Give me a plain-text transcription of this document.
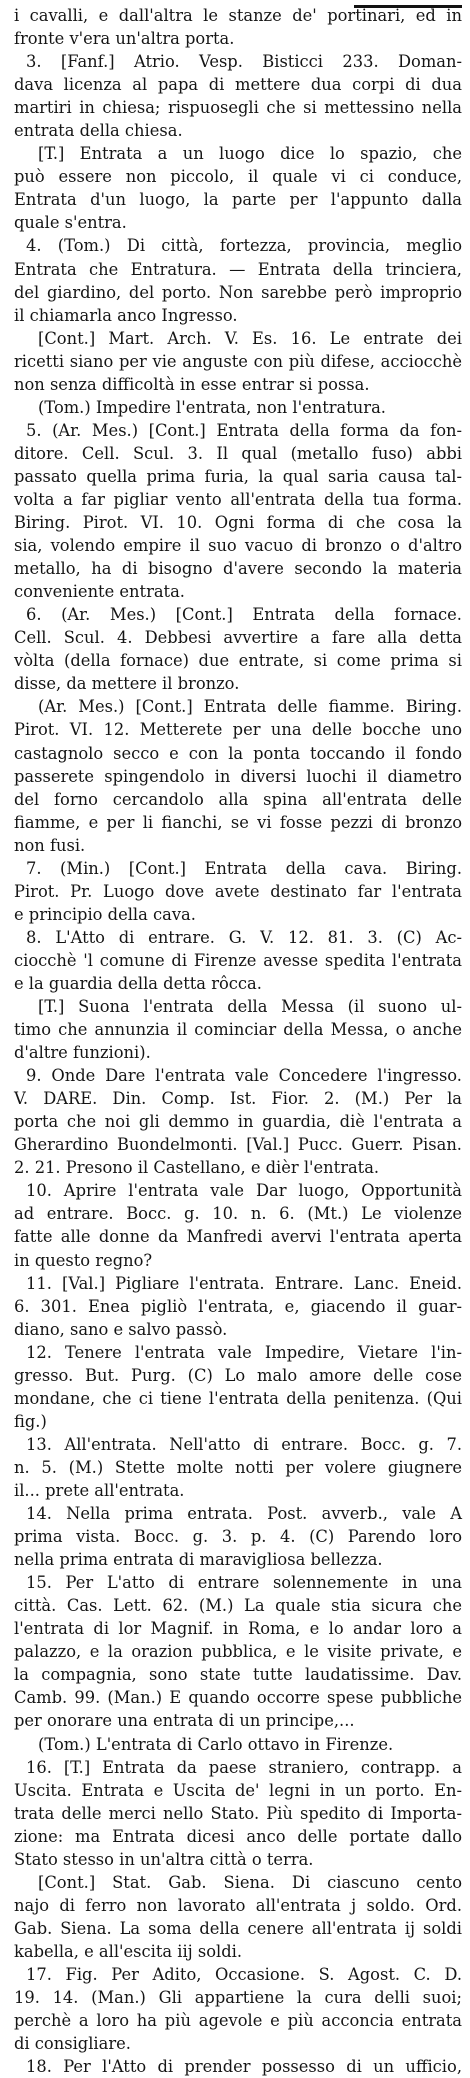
i cavalli, e dall'altra le stanze de' portinari, ed in

fronte v'era un'altra porta.

3. [Fanf.] Atrio. Vesp. Bisticci 233. Doman-

dava licenza al papa di mettere dua corpi di dua

martiri in chiesa; rispuosegli che si mettessino nella

entrata della chiesa.

[T.] Entrata a un luogo dice lo spazio, che

può essere non piccolo, il quale vi ci conduce,

Entrata d'un luogo, la parte per l'appunto dalla

quale s'entra.

4. (Tom.) Di città, fortezza, provincia, meglio

Entrata che Entratura. — Entrata della trinciera,

del giardino, del porto. Non sarebbe però improprio

il chiamarla anco Ingresso.

[Cont.] Mart. Arch. V. Es. 16. Le entrate dei

ricetti siano per vie anguste con più difese, acciocchè

non senza difficoltà in esse entrar si possa.

(Tom.) Impedire l'entrata, non l'entratura.

5. (Ar. Mes.) [Cont.] Entrata della forma da fon-

ditore. Cell. Scul. 3. Il qual (metallo fuso) abbi

passato quella prima furia, la qual saria causa tal-

volta a far pigliar vento all'entrata della tua forma.

Biring. Pirot. VI. 10. Ogni forma di che cosa la

sia, volendo empire il suo vacuo di bronzo o d'altro

metallo, ha di bisogno d'avere secondo la materia

conveniente entrata.

6. (Ar. Mes.) [Cont.] Entrata della fornace.

Cell. Scul. 4. Debbesi avvertire a fare alla detta

vòlta (della fornace) due entrate, si come prima si

disse, da mettere il bronzo.

(Ar. Mes.) [Cont.] Entrata delle fiamme. Biring.

Pirot. VI. 12. Metterete per una delle bocche uno

castagnolo secco e con la ponta toccando il fondo

passerete spingendolo in diversi luochi il diametro

del forno cercandolo alla spina all'entrata delle

fiamme, e per li fianchi, se vi fosse pezzi di bronzo

non fusi.

7. (Min.) [Cont.] Entrata della cava. Biring.

Pirot. Pr. Luogo dove avete destinato far l'entrata

e principio della cava.

8. L'Atto di entrare. G. V. 12. 81. 3. (C) Ac-

ciocchè 'l comune di Firenze avesse spedita l'entrata

e la guardia della detta rôcca.

[T.] Suona l'entrata della Messa (il suono ul-

timo che annunzia il cominciar della Messa, o anche

d'altre funzioni).

9. Onde Dare l'entrata vale Concedere l'ingresso.

V. DARE. Din. Comp. Ist. Fior. 2. (M.) Per la

porta che noi gli demmo in guardia, diè l'entrata a

Gherardino Buondelmonti. [Val.] Pucc. Guerr. Pisan.

2. 21. Presono il Castellano, e dièr l'entrata.

10. Aprire l'entrata vale Dar luogo, Opportunità

ad entrare. Bocc. g. 10. n. 6. (Mt.) Le violenze

fatte alle donne da Manfredi avervi l'entrata aperta

in questo regno?

11. [Val.] Pigliare l'entrata. Entrare. Lanc. Eneid.

6. 301. Enea pigliò l'entrata, e, giacendo il guar-

diano, sano e salvo passò.

12. Tenere l'entrata vale Impedire, Vietare l'in-

gresso. But. Purg. (C) Lo malo amore delle cose

mondane, che ci tiene l'entrata della penitenza. (Qui

fig.)

13. All'entrata. Nell'atto di entrare. Bocc. g. 7.

n. 5. (M.) Stette molte notti per volere giugnere

il... prete all'entrata.

14. Nella prima entrata. Post. avverb., vale A

prima vista. Bocc. g. 3. p. 4. (C) Parendo loro

nella prima entrata di maravigliosa bellezza.

15. Per L'atto di entrare solennemente in una

città. Cas. Lett. 62. (M.) La quale stia sicura che

l'entrata di lor Magnif. in Roma, e lo andar loro a

palazzo, e la orazion pubblica, e le visite private, e

la compagnia, sono state tutte laudatissime. Dav.

Camb. 99. (Man.) E quando occorre spese pubbliche

per onorare una entrata di un principe,...

(Tom.) L'entrata di Carlo ottavo in Firenze.

16. [T.] Entrata da paese straniero, contrapp. a

Uscita. Entrata e Uscita de' legni in un porto. En-

trata delle merci nello Stato. Più spedito di Importa-

zione: ma Entrata dicesi anco delle portate dallo

Stato stesso in un'altra città o terra.

[Cont.] Stat. Gab. Siena. Di ciascuno cento

najo di ferro non lavorato all'entrata j soldo. Ord.

Gab. Siena. La soma della cenere all'entrata ij soldi

kabella, e all'escita iij soldi.

17. Fig. Per Adito, Occasione. S. Agost. C. D.

19. 14. (Man.) Gli appartiene la cura delli suoi;

perchè a loro ha più agevole e più acconcia entrata

di consigliare.

18. Per l'Atto di prender possesso di un ufficio,
